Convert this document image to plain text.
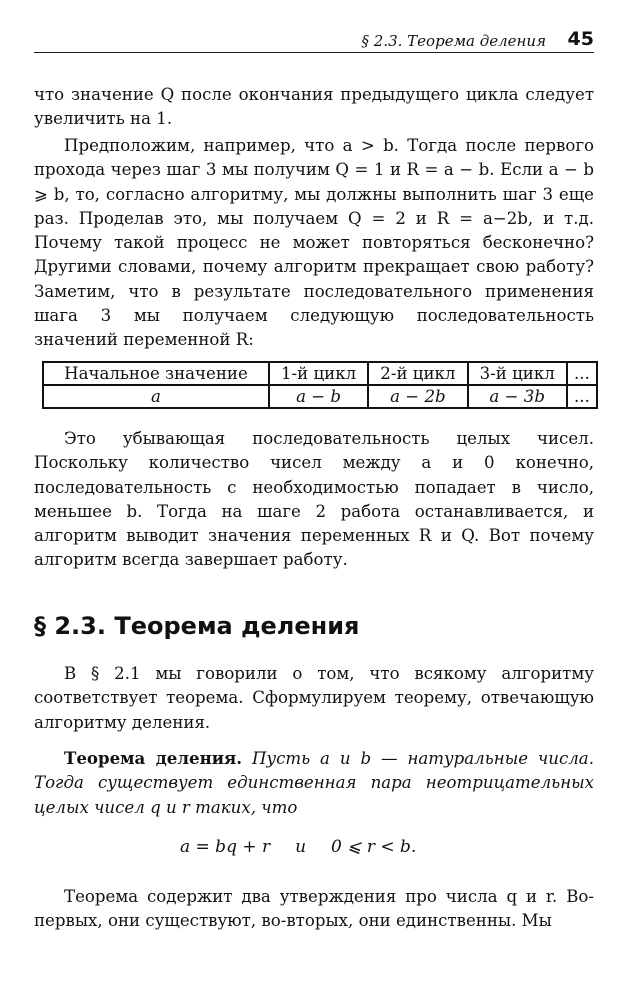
§ 2.3. Теорема деления 45
что значение Q после окончания предыдущего цикла следует увеличить на 1.
Предположим, например, что a > b. Тогда после первого прохода через шаг 3 мы получим Q = 1 и R = a − b. Если a − b ⩾ b, то, согласно алгоритму, мы должны выполнить шаг 3 еще раз. Проделав это, мы получаем Q = 2 и R = a−2b, и т.д. Почему такой процесс не может повторяться бесконечно? Другими словами, почему алгоритм прекращает свою работу? Заметим, что в результате последовательного применения шага 3 мы получаем следующую последовательность значений переменной R:
Начальное значение	1-й цикл	2-й цикл	3-й цикл	...
a	a − b	a − 2b	a − 3b	...
Это убывающая последовательность целых чисел. Поскольку количество чисел между a и 0 конечно, последовательность с необходимостью попадает в число, меньшее b. Тогда на шаге 2 работа останавливается, и алгоритм выводит значения переменных R и Q. Вот почему алгоритм всегда завершает работу.
§ 2.3. Теорема деления
В § 2.1 мы говорили о том, что всякому алгоритму соответствует теорема. Сформулируем теорему, отвечающую алгоритму деления.
Теорема деления. Пусть a и b — натуральные числа. Тогда существует единственная пара неотрицательных целых чисел q и r таких, что
a = bq + r и 0 ⩽ r < b.
Теорема содержит два утверждения про числа q и r. Во-первых, они существуют, во-вторых, они единственны. Мы
